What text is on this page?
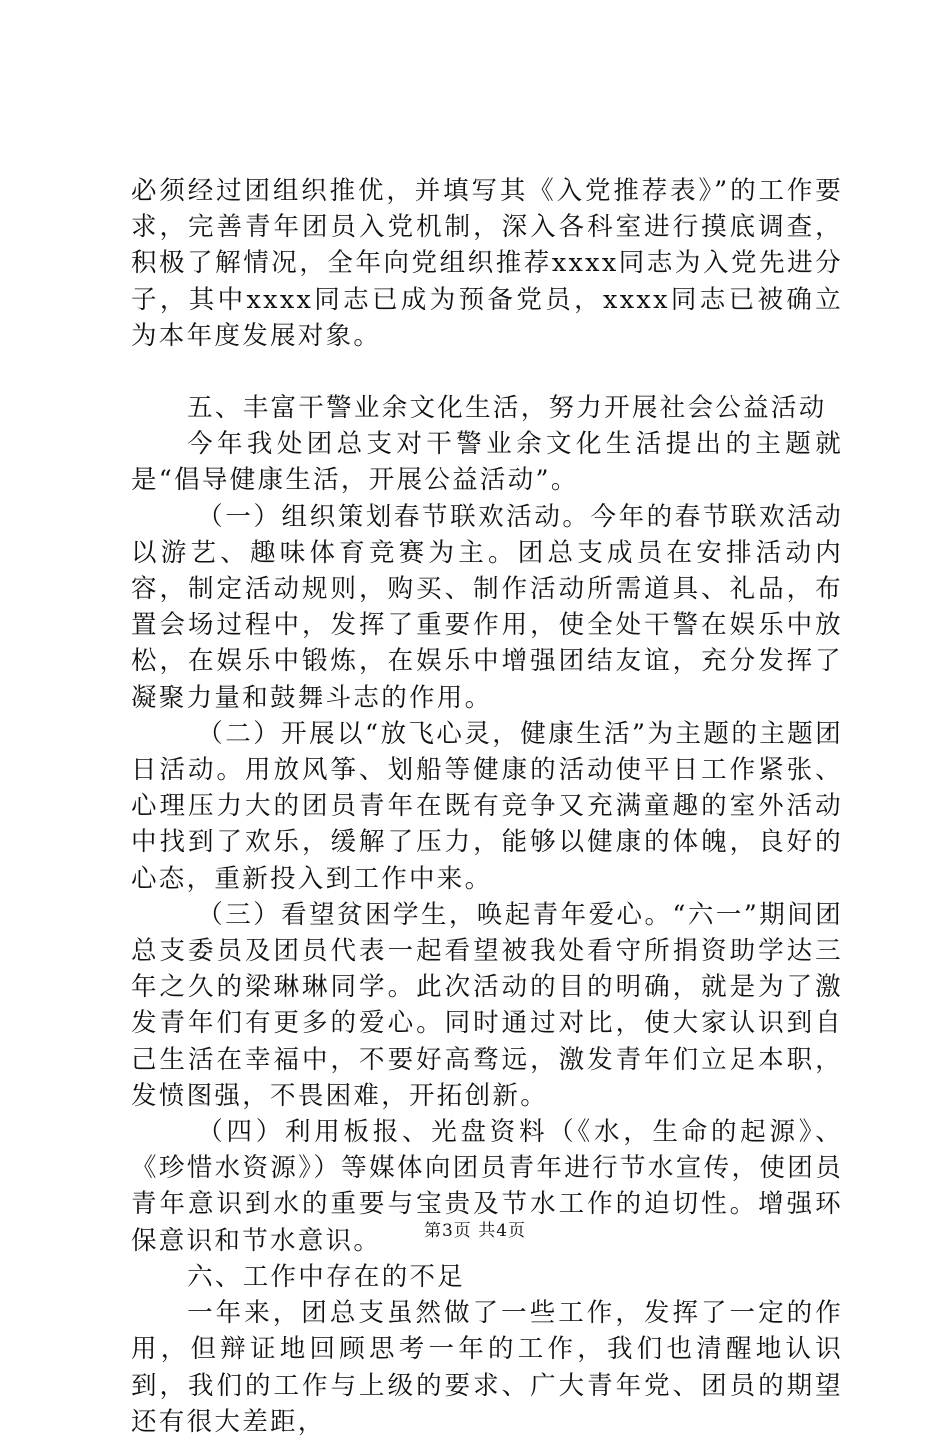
必须经过团组织推优，并填写其《入党推荐表》”的工作要求，完善青年团员入党机制，深入各科室进行摸底调查，积极了解情况，全年向党组织推荐xxxx同志为入党先进分子，其中xxxx同志已成为预备党员，xxxx同志已被确立为本年度发展对象。

五、丰富干警业余文化生活，努力开展社会公益活动

今年我处团总支对干警业余文化生活提出的主题就是“倡导健康生活，开展公益活动”。

（一）组织策划春节联欢活动。今年的春节联欢活动以游艺、趣味体育竞赛为主。团总支成员在安排活动内容，制定活动规则，购买、制作活动所需道具、礼品，布置会场过程中，发挥了重要作用，使全处干警在娱乐中放松，在娱乐中锻炼，在娱乐中增强团结友谊，充分发挥了凝聚力量和鼓舞斗志的作用。

（二）开展以“放飞心灵，健康生活”为主题的主题团日活动。用放风筝、划船等健康的活动使平日工作紧张、心理压力大的团员青年在既有竞争又充满童趣的室外活动中找到了欢乐，缓解了压力，能够以健康的体魄，良好的心态，重新投入到工作中来。

（三）看望贫困学生，唤起青年爱心。“六一”期间团总支委员及团员代表一起看望被我处看守所捐资助学达三年之久的梁琳琳同学。此次活动的目的明确，就是为了激发青年们有更多的爱心。同时通过对比，使大家认识到自己生活在幸福中，不要好高骛远，激发青年们立足本职，发愤图强，不畏困难，开拓创新。

（四）利用板报、光盘资料（《水，生命的起源》、《珍惜水资源》）等媒体向团员青年进行节水宣传，使团员青年意识到水的重要与宝贵及节水工作的迫切性。增强环保意识和节水意识。

六、工作中存在的不足

一年来，团总支虽然做了一些工作，发挥了一定的作用，但辩证地回顾思考一年的工作，我们也清醒地认识到，我们的工作与上级的要求、广大青年党、团员的期望还有很大差距，

第3页 共4页
